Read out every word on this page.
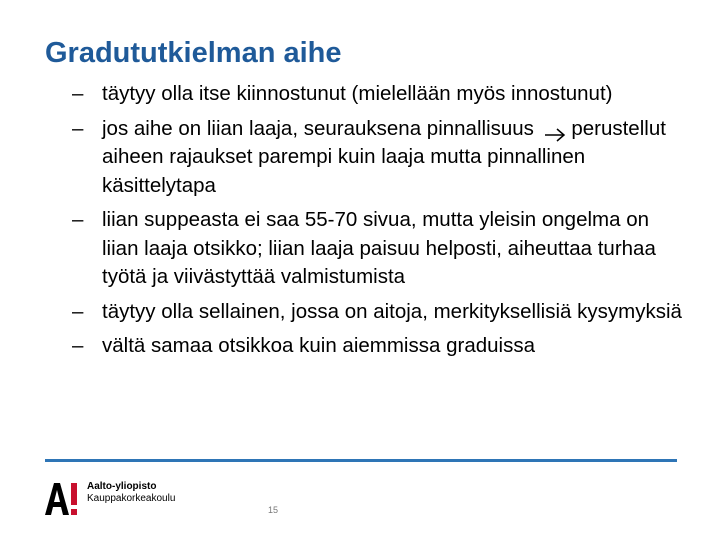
Gradututkielman aihe
– täytyy olla itse kiinnostunut (mielellään myös innostunut)
– jos aihe on liian laaja, seurauksena pinnallisuus perustellut aiheen rajaukset parempi kuin laaja mutta pinnallinen käsittelytapa
– liian suppeasta ei saa 55-70 sivua, mutta yleisin ongelma on liian laaja otsikko; liian laaja paisuu helposti, aiheuttaa turhaa työtä ja viivästyttää valmistumista
– täytyy olla sellainen, jossa on aitoja, merkityksellisiä kysymyksiä
– vältä samaa otsikkoa kuin aiemmissa graduissa
Aalto-yliopisto
Kauppakorkeakoulu
15
